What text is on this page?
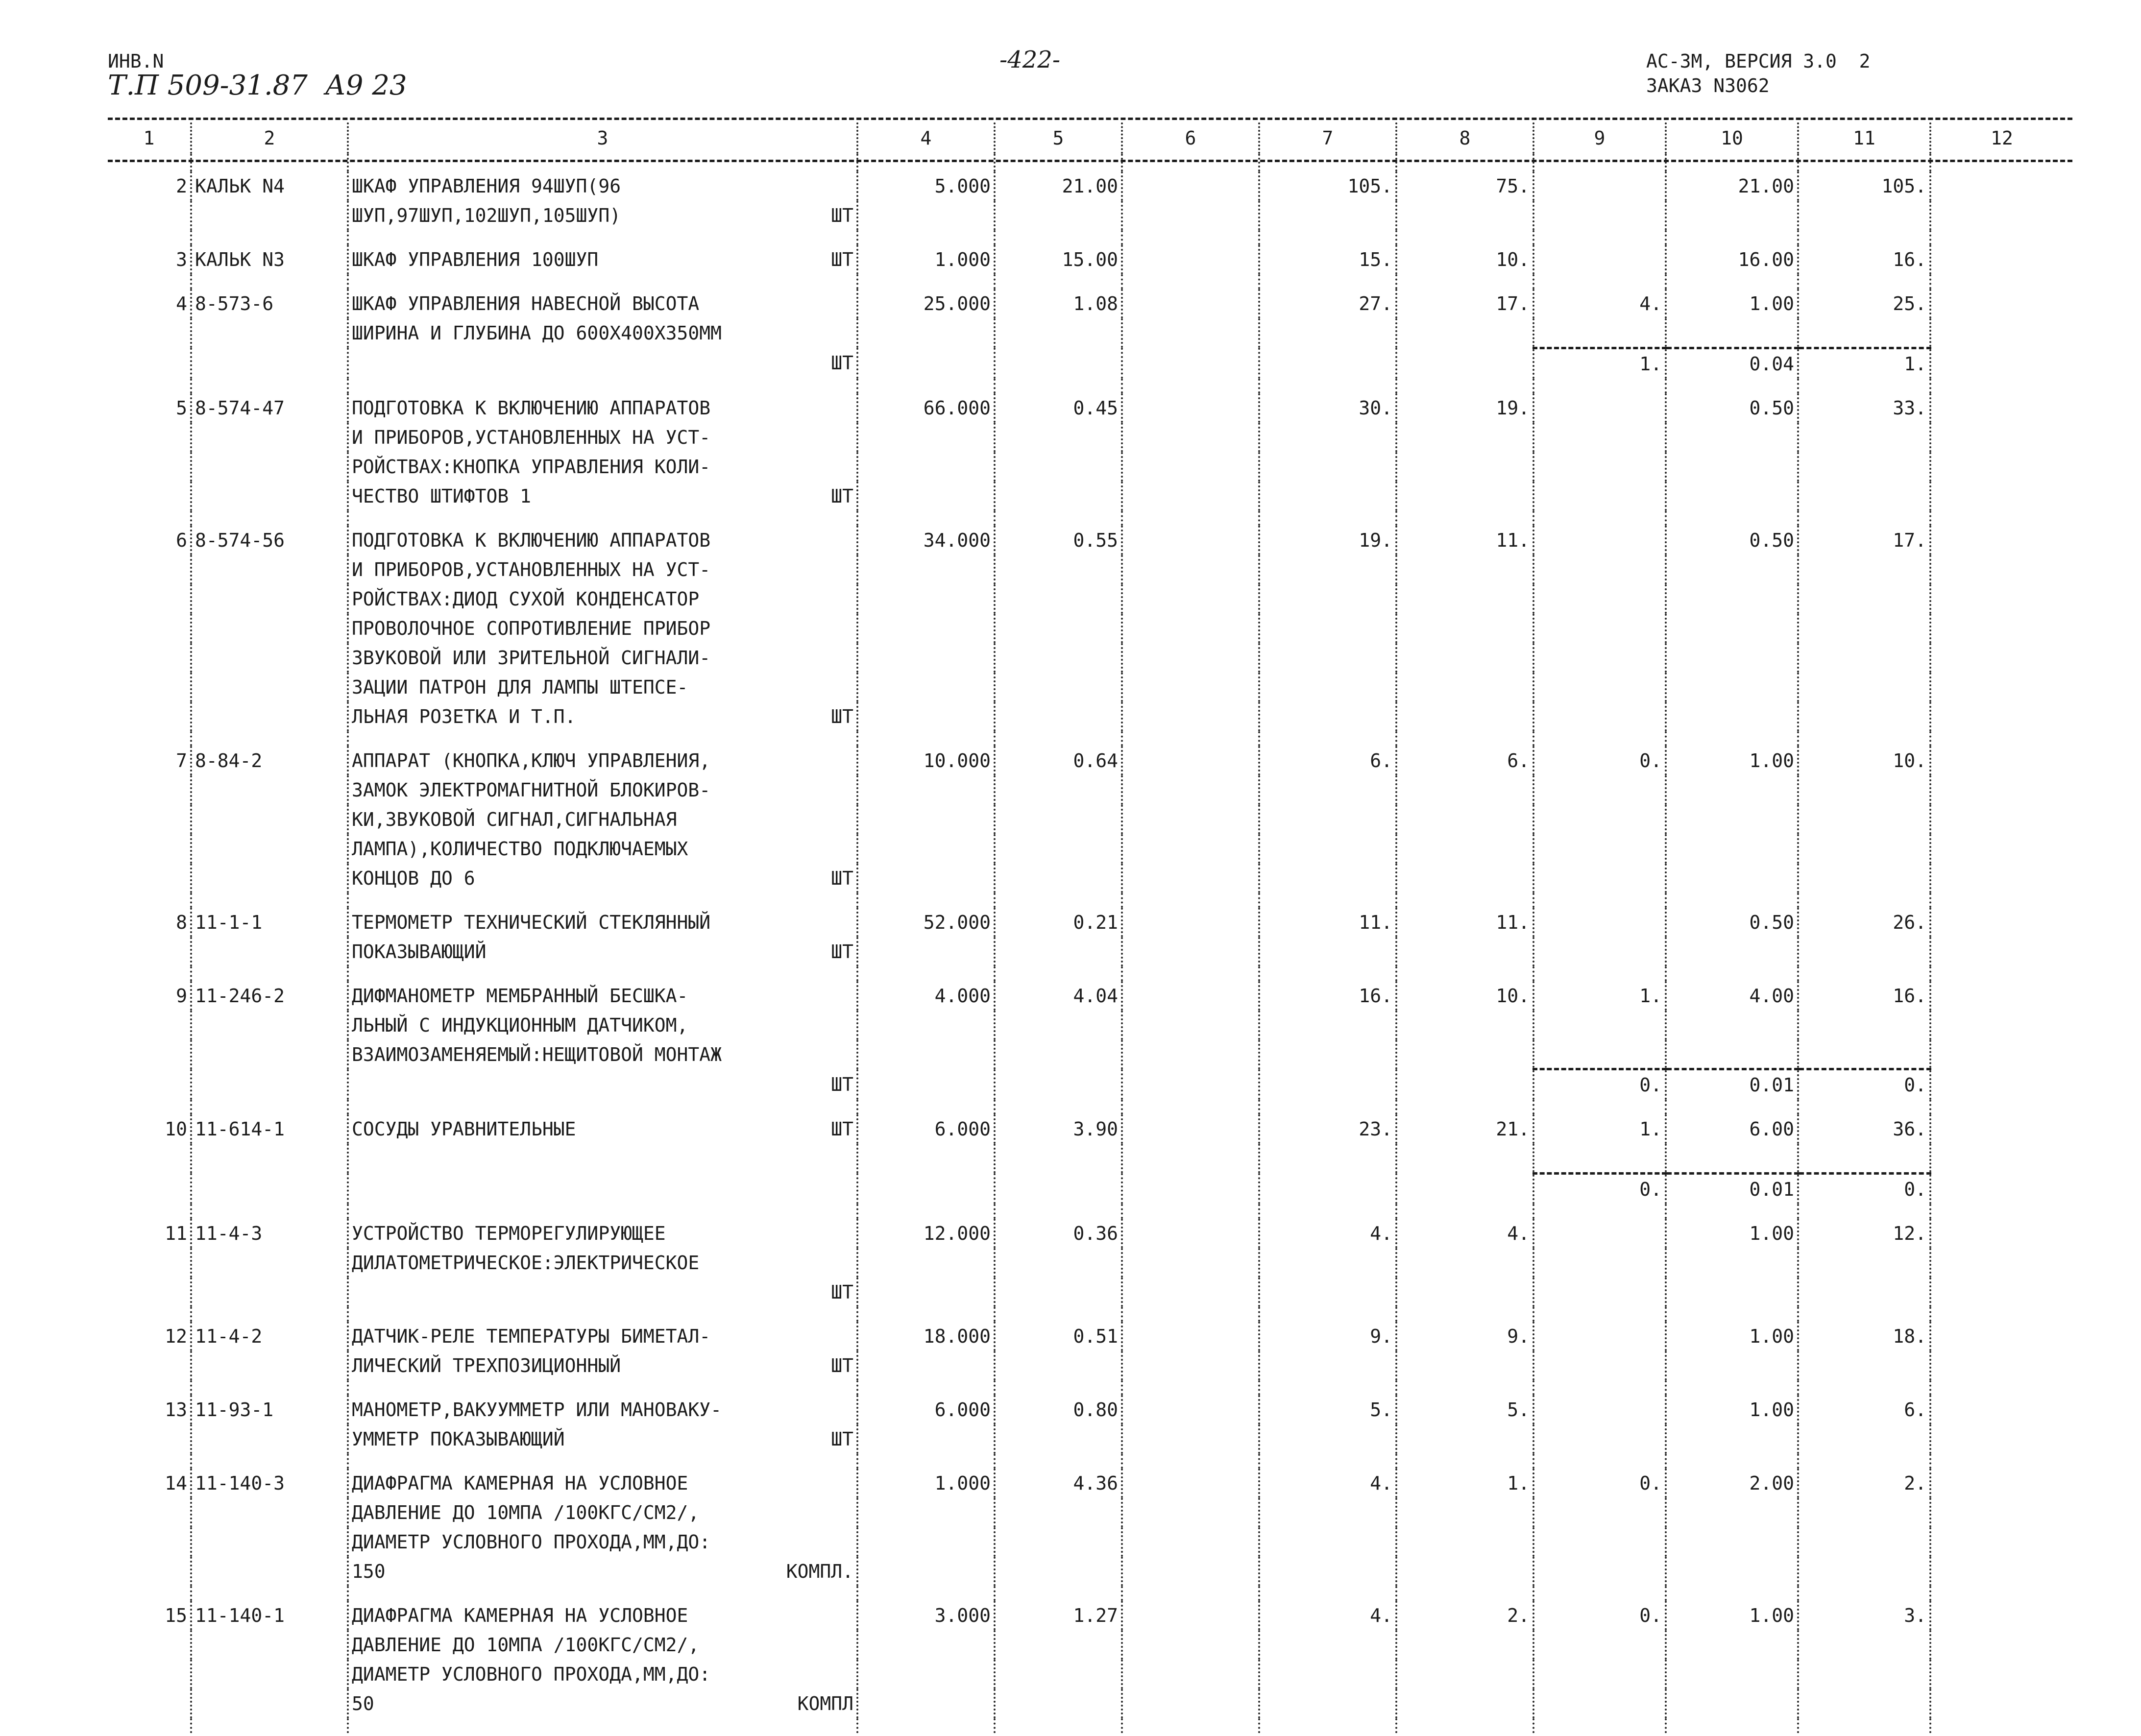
ИНВ.N
Т.П 509-31.87  А9 23
-422-	АС-3М, ВЕРСИЯ 3.0  2
ЗАКАЗ N3062
1	2	3	4	5	6	7	8	9	10	11	12

2	КАЛЬК N4	ШКАФ УПРАВЛЕНИЯ 94ШУП(96	5.000	21.00		105.	75.		21.00	105.	
		ШУП,97ШУП,102ШУП,105ШУП) ШТ									

3	КАЛЬК N3	ШКАФ УПРАВЛЕНИЯ 100ШУП ШТ	1.000	15.00		15.	10.		16.00	16.	

4	8-573-6	ШКАФ УПРАВЛЕНИЯ НАВЕСНОЙ ВЫСОТА	25.000	1.08		27.	17.	4.	1.00	25.	
		ШИРИНА И ГЛУБИНА ДО 600Х400Х350ММ									

		ШТ						1.	0.04	1.	

5	8-574-47	ПОДГОТОВКА К ВКЛЮЧЕНИЮ АППАРАТОВ	66.000	0.45		30.	19.		0.50	33.	
		И ПРИБОРОВ,УСТАНОВЛЕННЫХ НА УСТ-									
		РОЙСТВАХ:КНОПКА УПРАВЛЕНИЯ КОЛИ-									
		ЧЕСТВО ШТИФТОВ 1 ШТ									

6	8-574-56	ПОДГОТОВКА К ВКЛЮЧЕНИЮ АППАРАТОВ	34.000	0.55		19.	11.		0.50	17.	
		И ПРИБОРОВ,УСТАНОВЛЕННЫХ НА УСТ-									
		РОЙСТВАХ:ДИОД СУХОЙ КОНДЕНСАТОР									
		ПРОВОЛОЧНОЕ СОПРОТИВЛЕНИЕ ПРИБОР									
		ЗВУКОВОЙ ИЛИ ЗРИТЕЛЬНОЙ СИГНАЛИ-									
		ЗАЦИИ ПАТРОН ДЛЯ ЛАМПЫ ШТЕПСЕ-									
		ЛЬНАЯ РОЗЕТКА И Т.П. ШТ									

7	8-84-2	АППАРАТ (КНОПКА,КЛЮЧ УПРАВЛЕНИЯ,	10.000	0.64		6.	6.	0.	1.00	10.	
		ЗАМОК ЭЛЕКТРОМАГНИТНОЙ БЛОКИРОВ-									
		КИ,ЗВУКОВОЙ СИГНАЛ,СИГНАЛЬНАЯ									
		ЛАМПА),КОЛИЧЕСТВО ПОДКЛЮЧАЕМЫХ									
		КОНЦОВ ДО 6 ШТ									

8	11-1-1	ТЕРМОМЕТР ТЕХНИЧЕСКИЙ СТЕКЛЯННЫЙ	52.000	0.21		11.	11.		0.50	26.	
		ПОКАЗЫВАЮЩИЙ ШТ									

9	11-246-2	ДИФМАНОМЕТР МЕМБРАННЫЙ БЕСШКА-	4.000	4.04		16.	10.	1.	4.00	16.	
		ЛЬНЫЙ С ИНДУКЦИОННЫМ ДАТЧИКОМ,									
		ВЗАИМОЗАМЕНЯЕМЫЙ:НЕЩИТОВОЙ МОНТАЖ									

		ШТ						0.	0.01	0.	

10	11-614-1	СОСУДЫ УРАВНИТЕЛЬНЫЕ ШТ	6.000	3.90		23.	21.	1.	6.00	36.	

								0.	0.01	0.	

11	11-4-3	УСТРОЙСТВО ТЕРМОРЕГУЛИРУЮЩЕЕ	12.000	0.36		4.	4.		1.00	12.	
		ДИЛАТОМЕТРИЧЕСКОЕ:ЭЛЕКТРИЧЕСКОЕ									

		ШТ									

12	11-4-2	ДАТЧИК-РЕЛЕ ТЕМПЕРАТУРЫ БИМЕТАЛ-	18.000	0.51		9.	9.		1.00	18.	
		ЛИЧЕСКИЙ ТРЕХПОЗИЦИОННЫЙ ШТ									

13	11-93-1	МАНОМЕТР,ВАКУУММЕТР ИЛИ МАНОВАКУ-	6.000	0.80		5.	5.		1.00	6.	
		УММЕТР ПОКАЗЫВАЮЩИЙ ШТ									

14	11-140-3	ДИАФРАГМА КАМЕРНАЯ НА УСЛОВНОЕ	1.000	4.36		4.	1.	0.	2.00	2.	
		ДАВЛЕНИЕ ДО 10МПА /100КГС/СМ2/,									
		ДИАМЕТР УСЛОВНОГО ПРОХОДА,ММ,ДО:									
		150 КОМПЛ.									

15	11-140-1	ДИАФРАГМА КАМЕРНАЯ НА УСЛОВНОЕ	3.000	1.27		4.	2.	0.	1.00	3.	
		ДАВЛЕНИЕ ДО 10МПА /100КГС/СМ2/,									
		ДИАМЕТР УСЛОВНОГО ПРОХОДА,ММ,ДО:									
		50 КОМПЛ									
